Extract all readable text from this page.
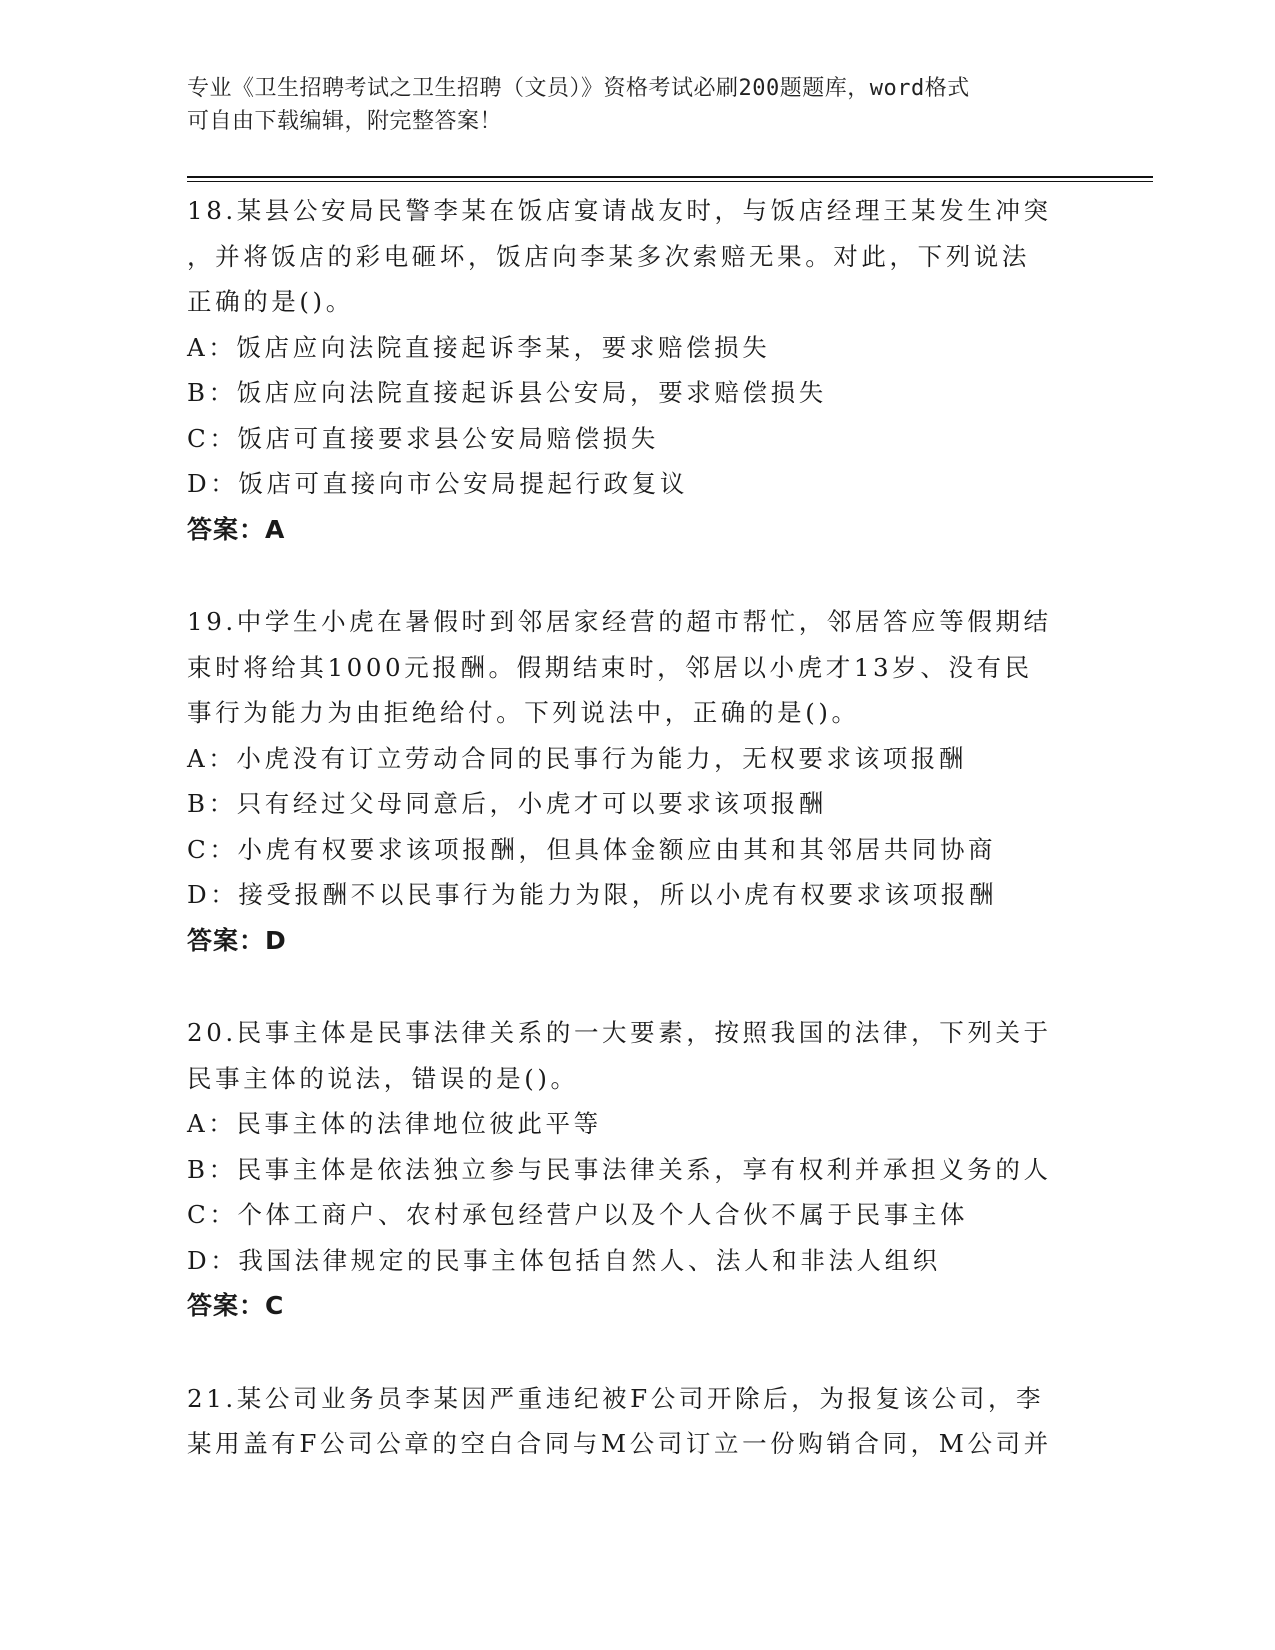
专业《卫生招聘考试之卫生招聘（文员）》资格考试必刷200题题库，word格式
可自由下载编辑，附完整答案！
18.某县公安局民警李某在饭店宴请战友时，与饭店经理王某发生冲突
，并将饭店的彩电砸坏，饭店向李某多次索赔无果。对此，下列说法
正确的是()。
A：饭店应向法院直接起诉李某，要求赔偿损失
B：饭店应向法院直接起诉县公安局，要求赔偿损失
C：饭店可直接要求县公安局赔偿损失
D：饭店可直接向市公安局提起行政复议
答案：A
19.中学生小虎在暑假时到邻居家经营的超市帮忙，邻居答应等假期结
束时将给其1000元报酬。假期结束时，邻居以小虎才13岁、没有民
事行为能力为由拒绝给付。下列说法中，正确的是()。
A：小虎没有订立劳动合同的民事行为能力，无权要求该项报酬
B：只有经过父母同意后，小虎才可以要求该项报酬
C：小虎有权要求该项报酬，但具体金额应由其和其邻居共同协商
D：接受报酬不以民事行为能力为限，所以小虎有权要求该项报酬
答案：D
20.民事主体是民事法律关系的一大要素，按照我国的法律，下列关于
民事主体的说法，错误的是()。
A：民事主体的法律地位彼此平等
B：民事主体是依法独立参与民事法律关系，享有权利并承担义务的人
C：个体工商户、农村承包经营户以及个人合伙不属于民事主体
D：我国法律规定的民事主体包括自然人、法人和非法人组织
答案：C
21.某公司业务员李某因严重违纪被F公司开除后，为报复该公司，李
某用盖有F公司公章的空白合同与M公司订立一份购销合同，M公司并
